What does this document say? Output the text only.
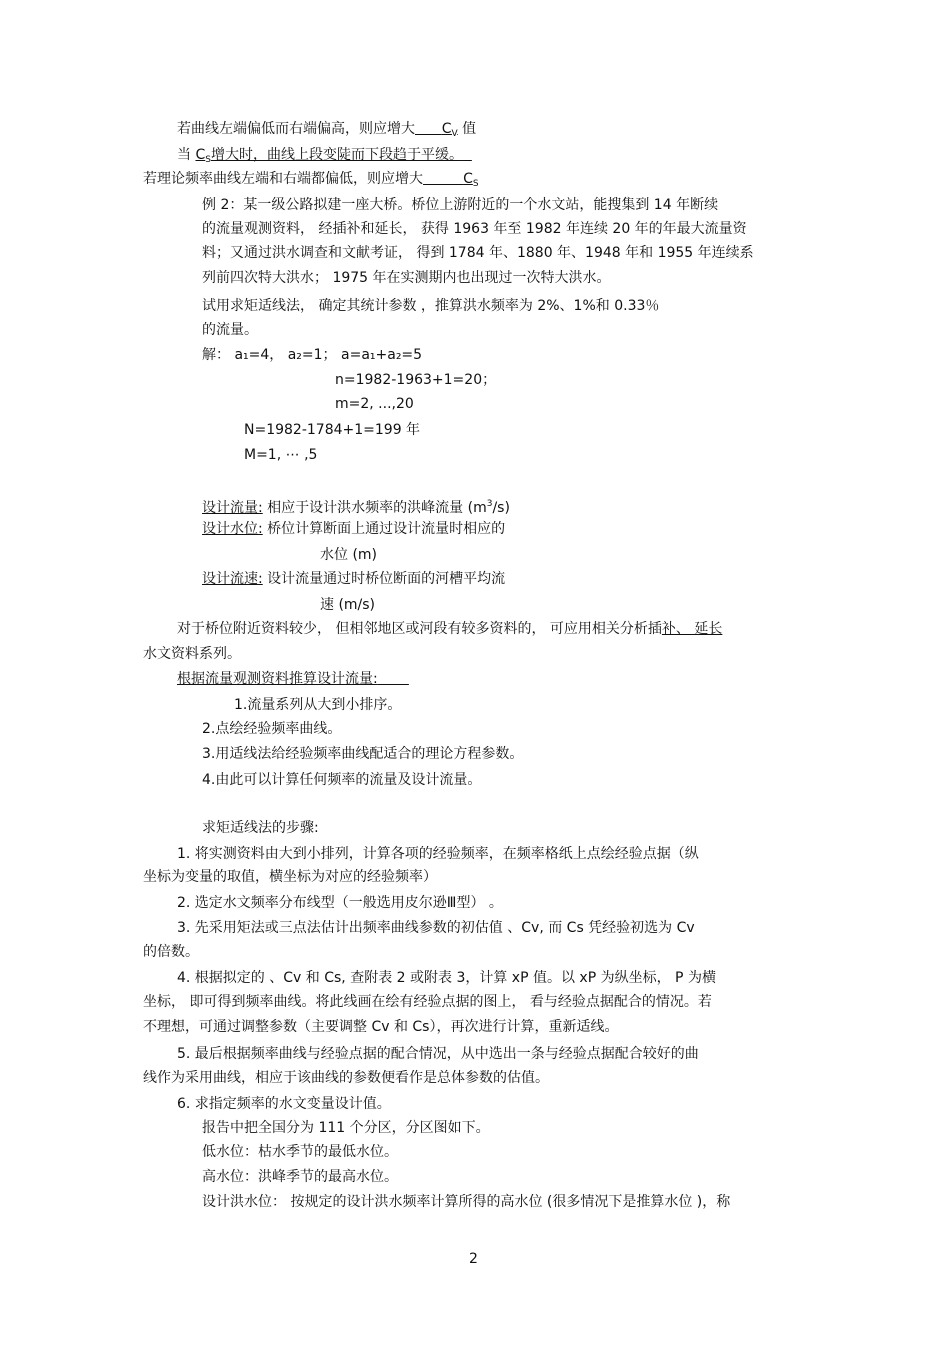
若曲线左端偏低而右端偏高，则应增大 $C_V$ 值
当 $C_S$增大时，曲线上段变陡而下段趋于平缓。
若理论频率曲线左端和右端都偏低，则应增大	$C_S$
例 2：某一级公路拟建一座大桥。桥位上游附近的一个水文站，能搜集到 14 年断续
的流量观测资料， 经插补和延长， 获得 1963 年至 1982 年连续 20 年的年最大流量资
料；又通过洪水调查和文献考证， 得到 1784 年、1880 年、1948 年和 1955 年连续系
列前四次特大洪水； 1975 年在实测期内也出现过一次特大洪水。
试用求矩适线法， 确定其统计参数 ，推算洪水频率为 2%、1%和 0.33％
的流量。
解： a₁=4， a₂=1； a=a₁+a₂=5
n=1982-1963+1=20；
m=2, ...,20
N=1982-1784+1=199 年
M=1, ⋯ ,5
设计流量: 相应于设计洪水频率的洪峰流量 $(m^3/s)$
设计水位: 桥位计算断面上通过设计流量时相应的
水位 (m)
设计流速: 设计流量通过时桥位断面的河槽平均流
速 (m/s)
对于桥位附近资料较少， 但相邻地区或河段有较多资料的， 可应用相关分析插补、 延长
水文资料系列。
根据流量观测资料推算设计流量:
1.流量系列从大到小排序。
2.点绘经验频率曲线。
3.用适线法给经验频率曲线配适合的理论方程参数。
4.由此可以计算任何频率的流量及设计流量。
求矩适线法的步骤:
1. 将实测资料由大到小排列，计算各项的经验频率，在频率格纸上点绘经验点据（纵
坐标为变量的取值，横坐标为对应的经验频率）
2. 选定水文频率分布线型（一般选用皮尔逊Ⅲ型） 。
3. 先采用矩法或三点法估计出频率曲线参数的初估值 、Cv, 而 Cs 凭经验初选为 Cv
的倍数。
4. 根据拟定的 、Cv 和 Cs, 查附表 2 或附表 3，计算 xP 值。以 xP 为纵坐标， P 为横
坐标， 即可得到频率曲线。将此线画在绘有经验点据的图上， 看与经验点据配合的情况。若
不理想，可通过调整参数（主要调整 Cv 和 Cs），再次进行计算，重新适线。
5. 最后根据频率曲线与经验点据的配合情况，从中选出一条与经验点据配合较好的曲
线作为采用曲线，相应于该曲线的参数便看作是总体参数的估值。
6. 求指定频率的水文变量设计值。
报告中把全国分为 111 个分区，分区图如下。
低水位：枯水季节的最低水位。
高水位：洪峰季节的最高水位。
设计洪水位： 按规定的设计洪水频率计算所得的高水位 (很多情况下是推算水位 )，称
2
